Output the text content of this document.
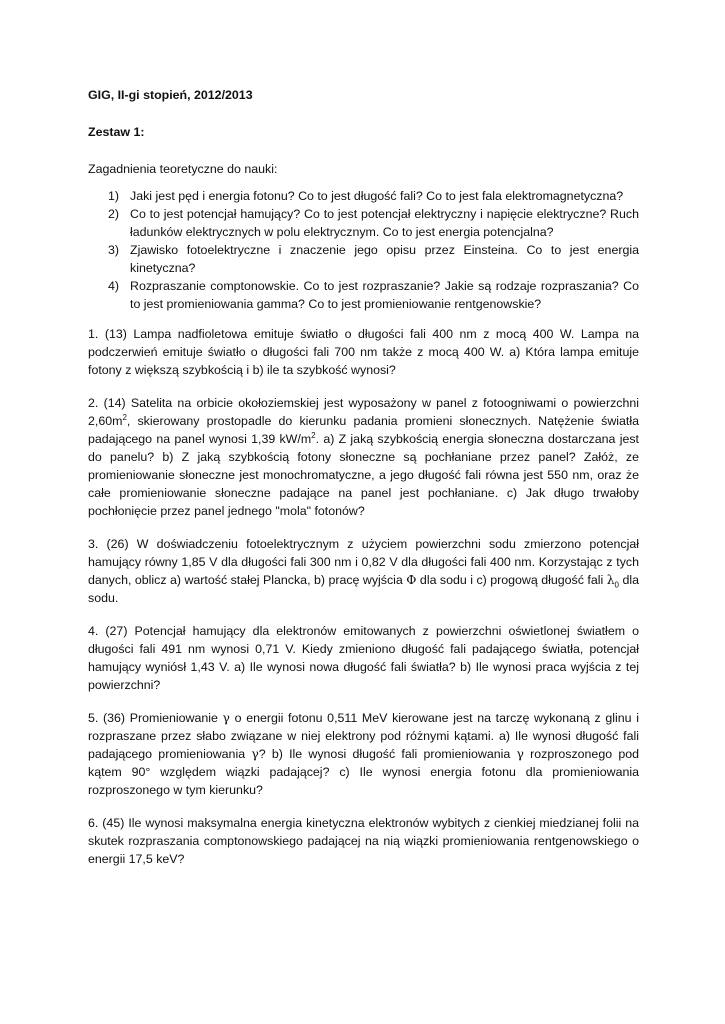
GIG, II-gi stopień, 2012/2013
Zestaw 1:
Zagadnienia teoretyczne do nauki:
1) Jaki jest pęd i energia fotonu? Co to jest długość fali? Co to jest fala elektromagnetyczna?
2) Co to jest potencjał hamujący? Co to jest potencjał elektryczny i napięcie elektryczne? Ruch ładunków elektrycznych w polu elektrycznym. Co to jest energia potencjalna?
3) Zjawisko fotoelektryczne i znaczenie jego opisu przez Einsteina. Co to jest energia kinetyczna?
4) Rozpraszanie comptonowskie. Co to jest rozpraszanie? Jakie są rodzaje rozpraszania? Co to jest promieniowania gamma? Co to jest promieniowanie rentgenowskie?

1. (13) Lampa nadfioletowa emituje światło o długości fali 400 nm z mocą 400 W. Lampa na podczerwień emituje światło o długości fali 700 nm także z mocą 400 W. a) Która lampa emituje fotony z większą szybkością i b) ile ta szybkość wynosi?

2. (14) Satelita na orbicie okołoziemskiej jest wyposażony w panel z fotoogniwami o powierzchni $2,60m^2$, skierowany prostopadle do kierunku padania promieni słonecznych. Natężenie światła padającego na panel wynosi 1,39 $kW/m^2$. a) Z jaką szybkością energia słoneczna dostarczana jest do panelu? b) Z jaką szybkością fotony słoneczne są pochłaniane przez panel? Załóż, ze promieniowanie słoneczne jest monochromatyczne, a jego długość fali równa jest 550 nm, oraz że całe promieniowanie słoneczne padające na panel jest pochłaniane. c) Jak długo trwałoby pochłonięcie przez panel jednego "mola" fotonów?

3. (26) W doświadczeniu fotoelektrycznym z użyciem powierzchni sodu zmierzono potencjał hamujący równy 1,85 V dla długości fali 300 nm i 0,82 V dla długości fali 400 nm. Korzystając z tych danych, oblicz a) wartość stałej Plancka, b) pracę wyjścia Φ dla sodu i c) progową długość fali $\lambda_0$ dla sodu.

4. (27) Potencjał hamujący dla elektronów emitowanych z powierzchni oświetlonej światłem o długości fali 491 nm wynosi 0,71 V. Kiedy zmieniono długość fali padającego światła, potencjał hamujący wyniósł 1,43 V. a) Ile wynosi nowa długość fali światła? b) Ile wynosi praca wyjścia z tej powierzchni?

5. (36) Promieniowanie γ o energii fotonu 0,511 MeV kierowane jest na tarczę wykonaną z glinu i rozpraszane przez słabo związane w niej elektrony pod różnymi kątami. a) Ile wynosi długość fali padającego promieniowania γ? b) Ile wynosi długość fali promieniowania γ rozproszonego pod kątem 90° względem wiązki padającej? c) Ile wynosi energia fotonu dla promieniowania rozproszonego w tym kierunku?

6. (45) Ile wynosi maksymalna energia kinetyczna elektronów wybitych z cienkiej miedzianej folii na skutek rozpraszania comptonowskiego padającej na nią wiązki promieniowania rentgenowskiego o energii 17,5 keV?
